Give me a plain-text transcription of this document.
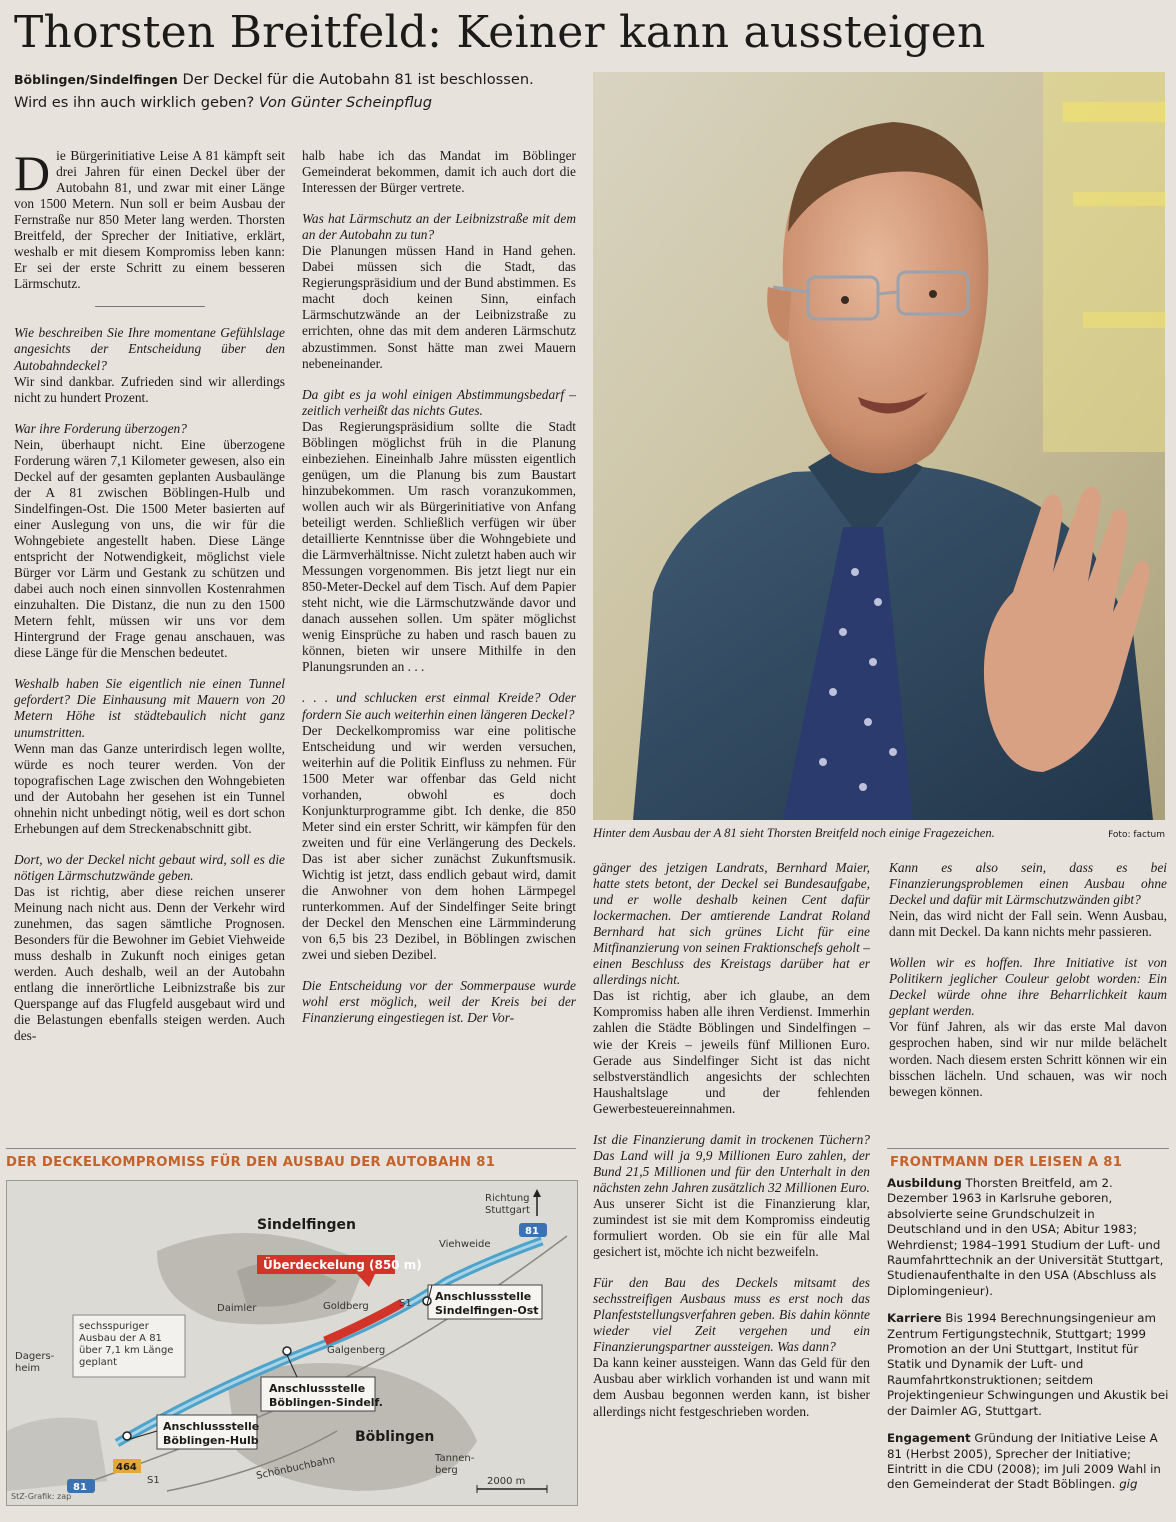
Thorsten Breitfeld: Keiner kann aussteigen
Böblingen/Sindelfingen Der Deckel für die Autobahn 81 ist beschlossen.
Wird es ihn auch wirklich geben? Von Günter Scheinpflug

Die Bürgerinitiative Leise A 81 kämpft seit drei Jahren für einen Deckel über der Autobahn 81, und zwar mit einer Länge von 1500 Metern. Nun soll er beim Ausbau der Fernstraße nur 850 Meter lang werden. Thorsten Breitfeld, der Sprecher der Initiative, erklärt, weshalb er mit diesem Kompromiss leben kann: Er sei der erste Schritt zu einem besseren Lärmschutz.

Wie beschreiben Sie Ihre momentane Gefühlslage angesichts der Entscheidung über den Autobahndeckel?

Wir sind dankbar. Zufrieden sind wir allerdings nicht zu hundert Prozent.

War ihre Forderung überzogen?

Nein, überhaupt nicht. Eine überzogene Forderung wären 7,1 Kilometer gewesen, also ein Deckel auf der gesamten geplanten Ausbaulänge der A 81 zwischen Böblingen-Hulb und Sindelfingen-Ost. Die 1500 Meter basierten auf einer Auslegung von uns, die wir für die Wohngebiete angestellt haben. Diese Länge entspricht der Notwendigkeit, möglichst viele Bürger vor Lärm und Gestank zu schützen und dabei auch noch einen sinnvollen Kostenrahmen einzuhalten. Die Distanz, die nun zu den 1500 Metern fehlt, müssen wir uns vor dem Hintergrund der Frage genau anschauen, was diese Länge für die Menschen bedeutet.

Weshalb haben Sie eigentlich nie einen Tunnel gefordert? Die Einhausung mit Mauern von 20 Metern Höhe ist städtebaulich nicht ganz unumstritten.

Wenn man das Ganze unterirdisch legen wollte, würde es noch teurer werden. Von der topografischen Lage zwischen den Wohngebieten und der Autobahn her gesehen ist ein Tunnel ohnehin nicht unbedingt nötig, weil es dort schon Erhebungen auf dem Streckenabschnitt gibt.

Dort, wo der Deckel nicht gebaut wird, soll es die nötigen Lärmschutzwände geben.

Das ist richtig, aber diese reichen unserer Meinung nach nicht aus. Denn der Verkehr wird zunehmen, das sagen sämtliche Prognosen. Besonders für die Bewohner im Gebiet Viehweide muss deshalb in Zukunft noch einiges getan werden. Auch deshalb, weil an der Autobahn entlang die innerörtliche Leibnizstraße bis zur Querspange auf das Flugfeld ausgebaut wird und die Belastungen ebenfalls steigen werden. Auch des-

halb habe ich das Mandat im Böblinger Gemeinderat bekommen, damit ich auch dort die Interessen der Bürger vertrete.

Was hat Lärmschutz an der Leibnizstraße mit dem an der Autobahn zu tun?

Die Planungen müssen Hand in Hand gehen. Dabei müssen sich die Stadt, das Regierungspräsidium und der Bund abstimmen. Es macht doch keinen Sinn, einfach Lärmschutzwände an der Leibnizstraße zu errichten, ohne das mit dem anderen Lärmschutz abzustimmen. Sonst hätte man zwei Mauern nebeneinander.

Da gibt es ja wohl einigen Abstimmungsbedarf – zeitlich verheißt das nichts Gutes.

Das Regierungspräsidium sollte die Stadt Böblingen möglichst früh in die Planung einbeziehen. Eineinhalb Jahre müssten eigentlich genügen, um die Planung bis zum Baustart hinzubekommen. Um rasch voranzukommen, wollen auch wir als Bürgerinitiative von Anfang beteiligt werden. Schließlich verfügen wir über detaillierte Kenntnisse über die Wohngebiete und die Lärmverhältnisse. Nicht zuletzt haben auch wir Messungen vorgenommen. Bis jetzt liegt nur ein 850-Meter-Deckel auf dem Tisch. Auf dem Papier steht nicht, wie die Lärmschutzwände davor und danach aussehen sollen. Um später möglichst wenig Einsprüche zu haben und rasch bauen zu können, bieten wir unsere Mithilfe in den Planungsrunden an . . .

. . . und schlucken erst einmal Kreide? Oder fordern Sie auch weiterhin einen längeren Deckel?

Der Deckelkompromiss war eine politische Entscheidung und wir werden versuchen, weiterhin auf die Politik Einfluss zu nehmen. Für 1500 Meter war offenbar das Geld nicht vorhanden, obwohl es doch Konjunkturprogramme gibt. Ich denke, die 850 Meter sind ein erster Schritt, wir kämpfen für den zweiten und für eine Verlängerung des Deckels. Das ist aber sicher zunächst Zukunftsmusik. Wichtig ist jetzt, dass endlich gebaut wird, damit die Anwohner von dem hohen Lärmpegel runterkommen. Auf der Sindelfinger Seite bringt der Deckel den Menschen eine Lärmminderung von 6,5 bis 23 Dezibel, in Böblingen zwischen zwei und sieben Dezibel.

Die Entscheidung vor der Sommerpause wurde wohl erst möglich, weil der Kreis bei der Finanzierung eingestiegen ist. Der Vor-

Hinter dem Ausbau der A 81 sieht Thorsten Breitfeld noch einige Fragezeichen.	Foto: factum

gänger des jetzigen Landrats, Bernhard Maier, hatte stets betont, der Deckel sei Bundesaufgabe, und er wolle deshalb keinen Cent dafür lockermachen. Der amtierende Landrat Roland Bernhard hat sich grünes Licht für eine Mitfinanzierung von seinen Fraktionschefs geholt – einen Beschluss des Kreistags darüber hat er allerdings nicht.

Das ist richtig, aber ich glaube, an dem Kompromiss haben alle ihren Verdienst. Immerhin zahlen die Städte Böblingen und Sindelfingen – wie der Kreis – jeweils fünf Millionen Euro. Gerade aus Sindelfinger Sicht ist das nicht selbstverständlich angesichts der schlechten Haushaltslage und der fehlenden Gewerbesteuereinnahmen.

Ist die Finanzierung damit in trockenen Tüchern? Das Land will ja 9,9 Millionen Euro zahlen, der Bund 21,5 Millionen und für den Unterhalt in den nächsten zehn Jahren zusätzlich 32 Millionen Euro.

Aus unserer Sicht ist die Finanzierung klar, zumindest ist sie mit dem Kompromiss eindeutig formuliert worden. Ob sie ein für alle Mal gesichert ist, möchte ich nicht bezweifeln.

Für den Bau des Deckels mitsamt des sechsstreifigen Ausbaus muss es erst noch das Planfeststellungsverfahren geben. Bis dahin könnte wieder viel Zeit vergehen und ein Finanzierungspartner aussteigen. Was dann?

Da kann keiner aussteigen. Wann das Geld für den Ausbau aber wirklich vorhanden ist und wann mit dem Ausbau begonnen werden kann, ist bisher allerdings nicht festgeschrieben worden.

Kann es also sein, dass es bei Finanzierungsproblemen einen Ausbau ohne Deckel und dafür mit Lärmschutzwänden gibt?

Nein, das wird nicht der Fall sein. Wenn Ausbau, dann mit Deckel. Da kann nichts mehr passieren.

Wollen wir es hoffen. Ihre Initiative ist von Politikern jeglicher Couleur gelobt worden: Ein Deckel würde ohne ihre Beharrlichkeit kaum geplant werden.

Vor fünf Jahren, als wir das erste Mal davon gesprochen haben, sind wir nur milde belächelt worden. Nach diesem ersten Schritt können wir ein bisschen lächeln. Und schauen, was wir noch bewegen können.

DER DECKELKOMPROMISS FÜR DEN AUSBAU DER AUTOBAHN 81
Sindelfingen
Böblingen
Richtung
Stuttgart
Viehweide
Überdeckelung (850 m)
Daimler	Goldberg	S1
S1
Galgenberg
Dagers-
heim
sechsspuriger
Ausbau der A 81
über 7,1 km Länge
geplant
Anschlussstelle
Sindelfingen-Ost
Anschlussstelle
Böblingen-Sindelf.
Anschlussstelle
Böblingen-Hulb
Schönbuchbahn	Tannen-
berg
81
81
464
2000 m
StZ-Grafik: zap
FRONTMANN DER LEISEN A 81

Ausbildung Thorsten Breitfeld, am 2. Dezember 1963 in Karlsruhe geboren, absolvierte seine Grundschulzeit in Deutschland und in den USA; Abitur 1983; Wehrdienst; 1984–1991 Studium der Luft- und Raumfahrttechnik an der Universität Stuttgart, Studienaufenthalte in den USA (Abschluss als Diplomingenieur).

Karriere Bis 1994 Berechnungsingenieur am Zentrum Fertigungstechnik, Stuttgart; 1999 Promotion an der Uni Stuttgart, Institut für Statik und Dynamik der Luft- und Raumfahrtkonstruktionen; seitdem Projektingenieur Schwingungen und Akustik bei der Daimler AG, Stuttgart.

Engagement Gründung der Initiative Leise A 81 (Herbst 2005), Sprecher der Initiative; Eintritt in die CDU (2008); im Juli 2009 Wahl in den Gemeinderat der Stadt Böblingen. gig
